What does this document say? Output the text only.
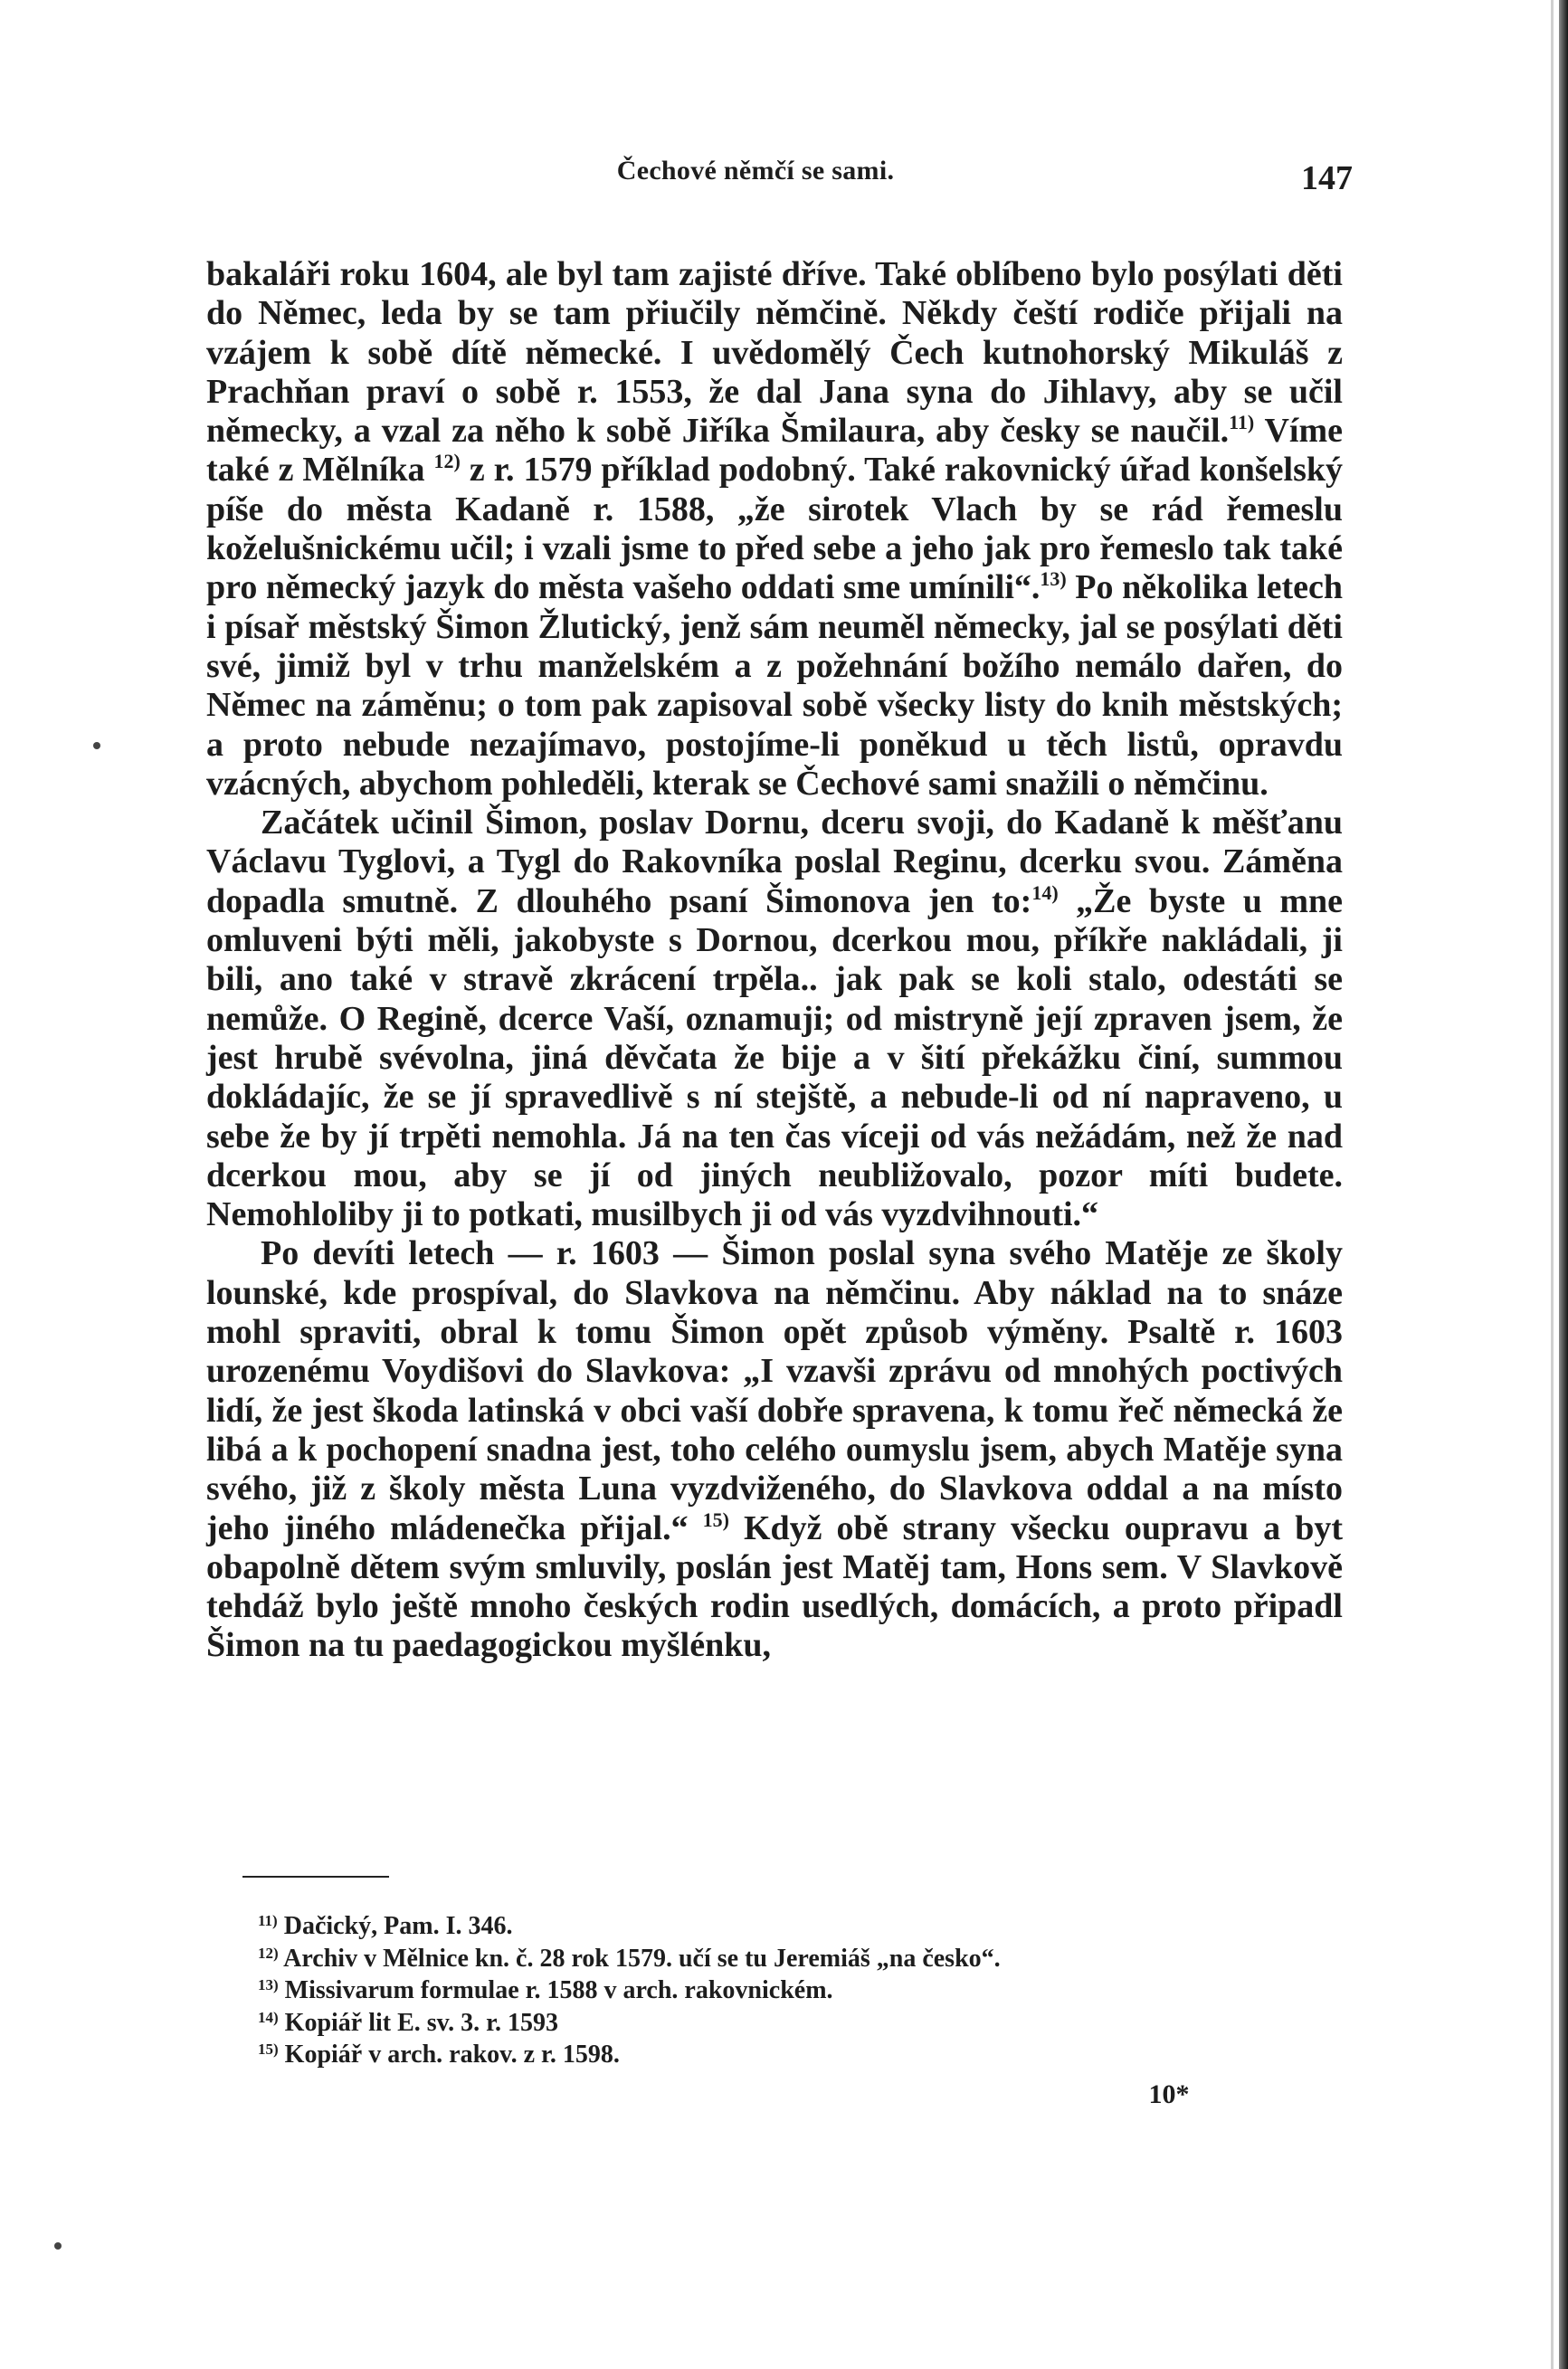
Čechové němčí se sami.	147

bakaláři roku 1604, ale byl tam zajisté dříve. Také oblíbeno bylo posýlati děti do Němec, leda by se tam přiučily němčině. Někdy čeští rodiče přijali na vzájem k sobě dítě německé. I uvědomělý Čech kutnohorský Mikuláš z Prachňan praví o sobě r. 1553, že dal Jana syna do Jihlavy, aby se učil německy, a vzal za něho k sobě Jiříka Šmilaura, aby česky se naučil.$^{11)}$ Víme také z Mělníka $^{12)}$ z r. 1579 příklad podobný. Také rakovnický úřad konšelský píše do města Kadaně r. 1588, „že sirotek Vlach by se rád řemeslu koželušnickému učil; i vzali jsme to před sebe a jeho jak pro řemeslo tak také pro německý jazyk do města vašeho oddati sme umínili“.$^{13)}$ Po několika letech i písař městský Šimon Žlutický, jenž sám neuměl německy, jal se posýlati děti své, jimiž byl v trhu manželském a z požehnání božího nemálo dařen, do Němec na záměnu; o tom pak zapisoval sobě všecky listy do knih městských; a proto nebude nezajímavo, postojíme-li poněkud u těch listů, opravdu vzácných, abychom pohleděli, kterak se Čechové sami snažili o němčinu.

Začátek učinil Šimon, poslav Dornu, dceru svoji, do Kadaně k měšťanu Václavu Tyglovi, a Tygl do Rakovníka poslal Reginu, dcerku svou. Záměna dopadla smutně. Z dlouhého psaní Šimonova jen to:$^{14)}$ „Že byste u mne omluveni býti měli, jakobyste s Dornou, dcerkou mou, příkře nakládali, ji bili, ano také v stravě zkrácení trpěla.. jak pak se koli stalo, odestáti se nemůže. O Regině, dcerce Vaší, oznamuji; od mistryně její zpraven jsem, že jest hrubě svévolna, jiná děvčata že bije a v šití překážku činí, summou dokládajíc, že se jí spravedlivě s ní stejště, a nebude-li od ní napraveno, u sebe že by jí trpěti nemohla. Já na ten čas víceji od vás nežádám, než že nad dcerkou mou, aby se jí od jiných neubližovalo, pozor míti budete. Nemohloliby ji to potkati, musilbych ji od vás vyzdvihnouti.“

Po devíti letech — r. 1603 — Šimon poslal syna svého Matěje ze školy lounské, kde prospíval, do Slavkova na němčinu. Aby náklad na to snáze mohl spraviti, obral k tomu Šimon opět způsob výměny. Psaltě r. 1603 urozenému Voydišovi do Slavkova: „I vzavši zprávu od mnohých poctivých lidí, že jest škoda latinská v obci vaší dobře spravena, k tomu řeč německá že libá a k pochopení snadna jest, toho celého oumyslu jsem, abych Matěje syna svého, již z školy města Luna vyzdviženého, do Slavkova oddal a na místo jeho jiného mládenečka přijal.“ $^{15)}$ Když obě strany všecku oupravu a byt obapolně dětem svým smluvily, poslán jest Matěj tam, Hons sem. V Slavkově tehdáž bylo ještě mnoho českých rodin usedlých, domácích, a proto připadl Šimon na tu paedagogickou myšlénku,

$^{11)}$ Dačický, Pam. I. 346.
$^{12)}$ Archiv v Mělnice kn. č. 28 rok 1579. učí se tu Jeremiáš „na česko“.
$^{13)}$ Missivarum formulae r. 1588 v arch. rakovnickém.
$^{14)}$ Kopiář lit E. sv. 3. r. 1593
$^{15)}$ Kopiář v arch. rakov. z r. 1598.
10*
